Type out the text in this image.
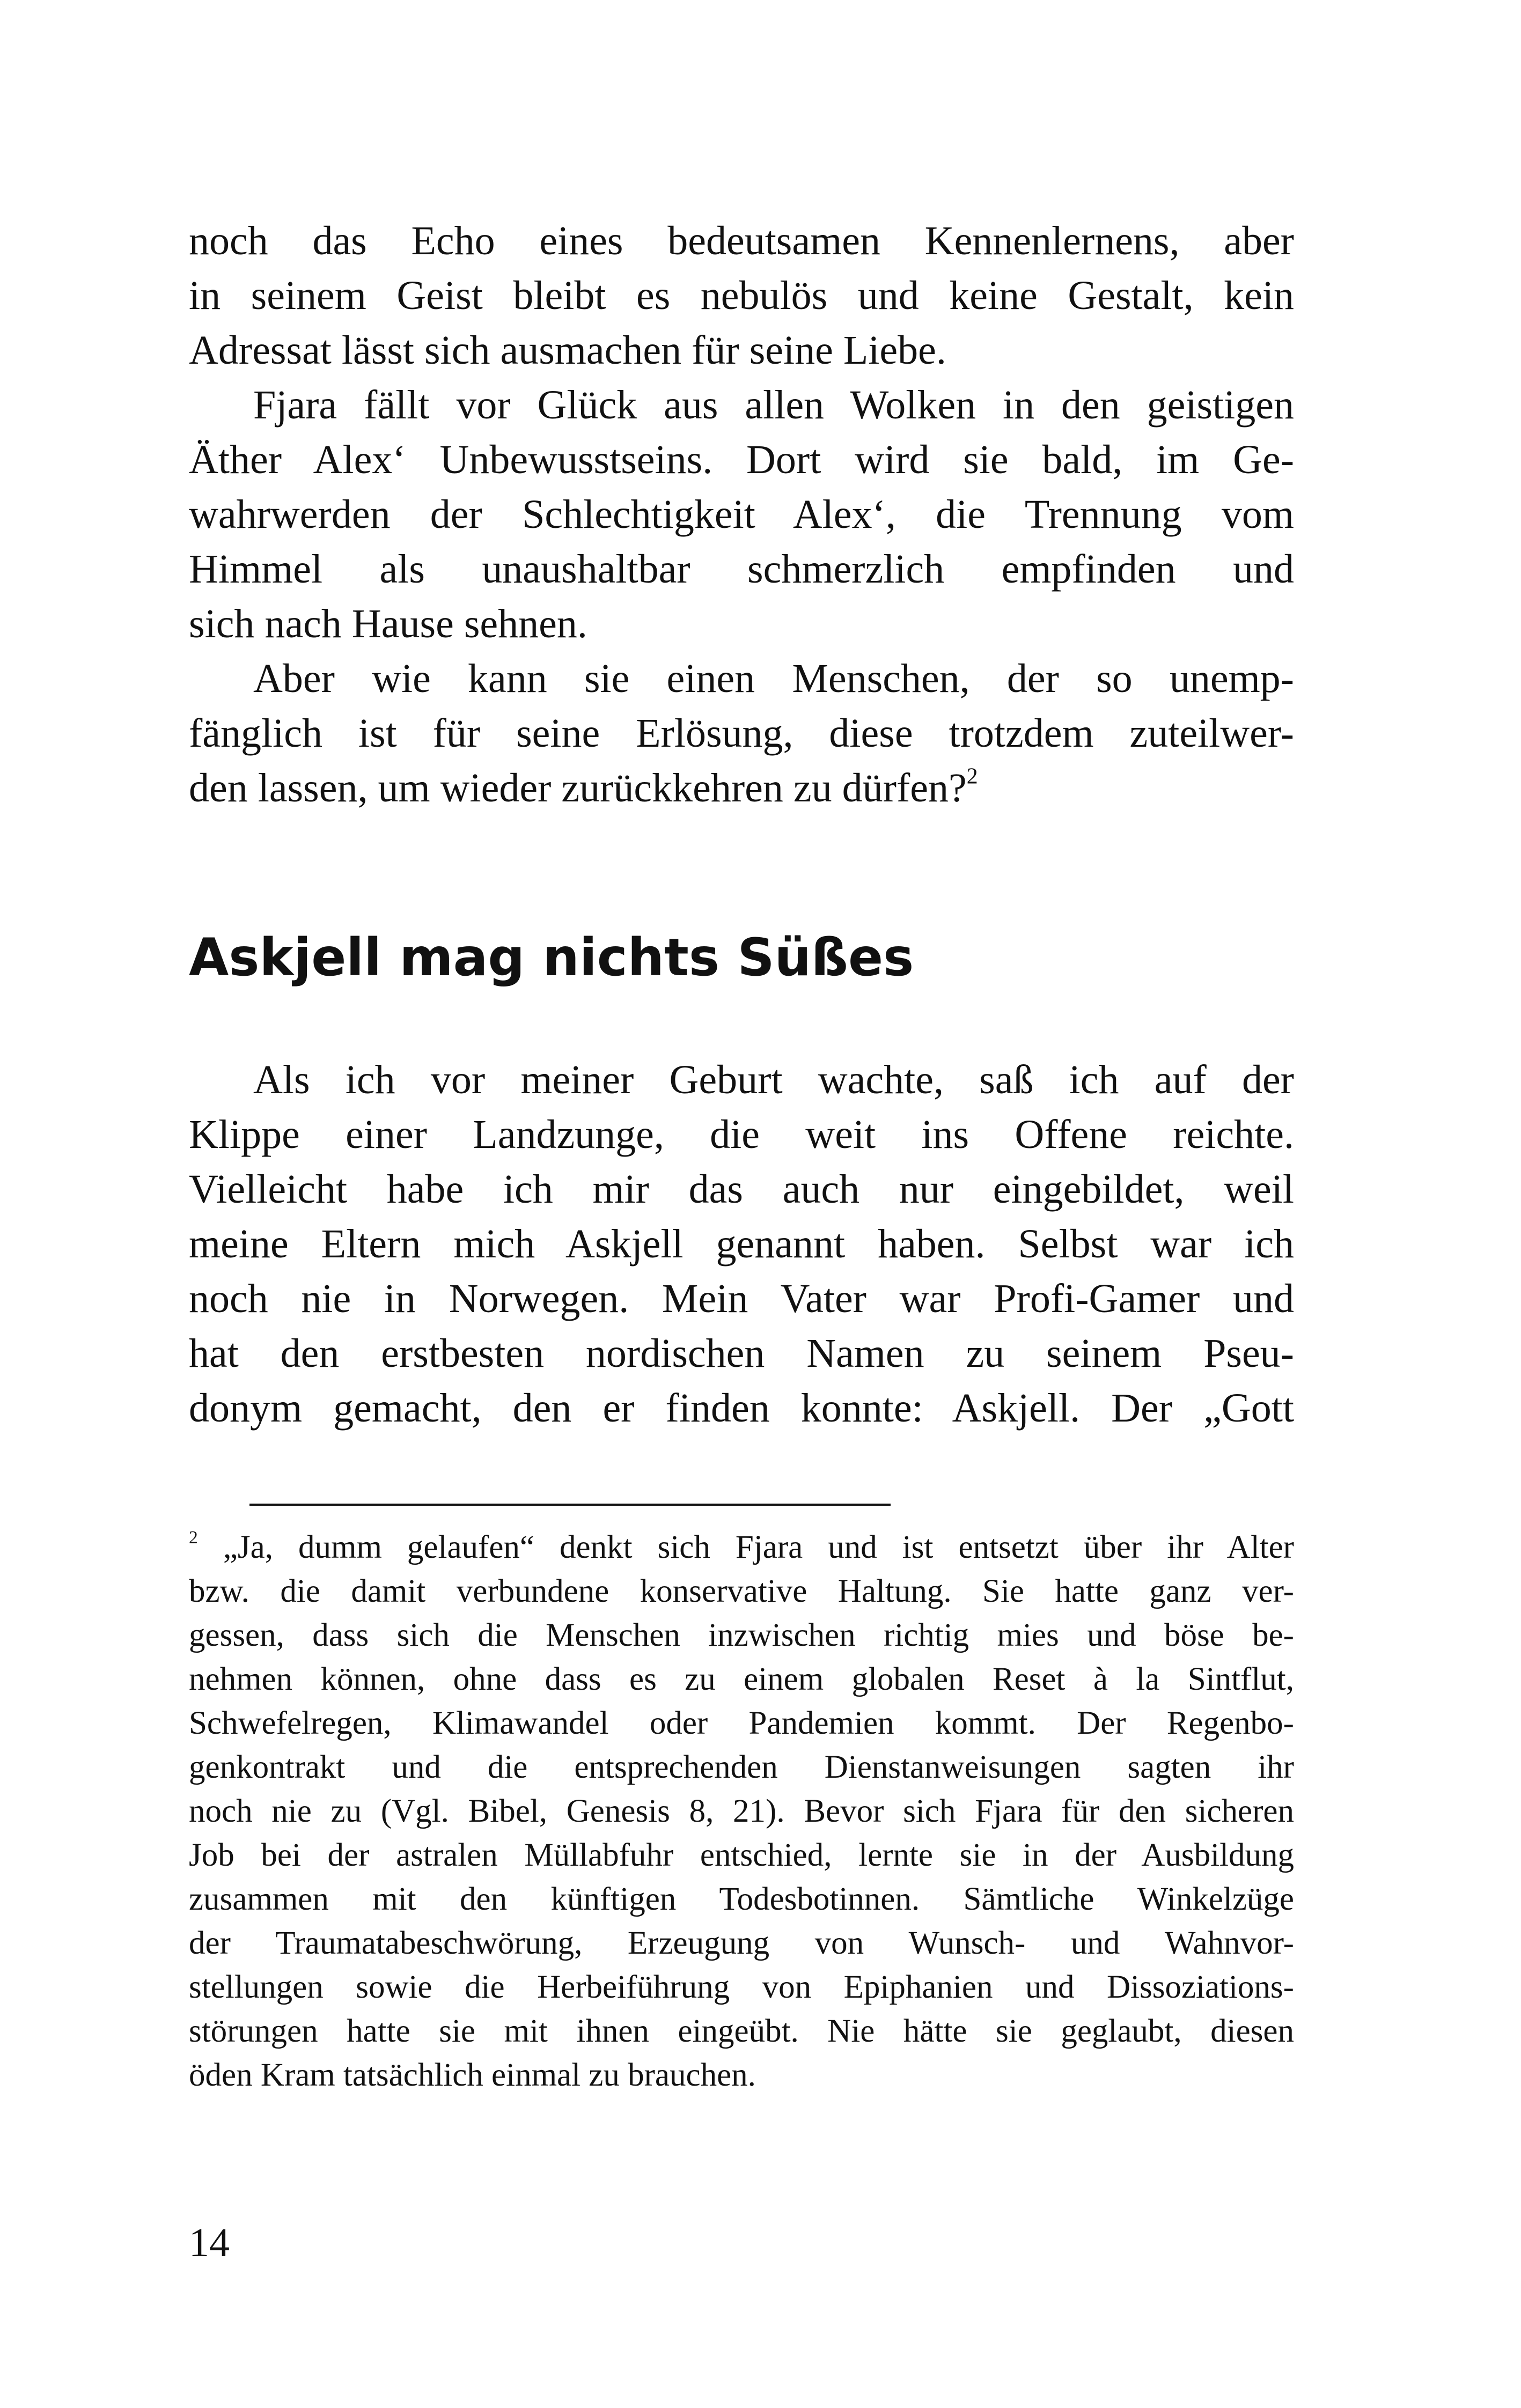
noch das Echo eines bedeutsamen Kennenlernens, aber
in seinem Geist bleibt es nebulös und keine Gestalt, kein
Adressat lässt sich ausmachen für seine Liebe.
Fjara fällt vor Glück aus allen Wolken in den geistigen
Äther Alex‘ Unbewusstseins. Dort wird sie bald, im Ge-
wahrwerden der Schlechtigkeit Alex‘, die Trennung vom
Himmel als unaushaltbar schmerzlich empfinden und
sich nach Hause sehnen.
Aber wie kann sie einen Menschen, der so unemp-
fänglich ist für seine Erlösung, diese trotzdem zuteilwer-
den lassen, um wieder zurückkehren zu dürfen?$^2$
Askjell mag nichts Süßes
Als ich vor meiner Geburt wachte, saß ich auf der
Klippe einer Landzunge, die weit ins Offene reichte.
Vielleicht habe ich mir das auch nur eingebildet, weil
meine Eltern mich Askjell genannt haben. Selbst war ich
noch nie in Norwegen. Mein Vater war Profi-Gamer und
hat den erstbesten nordischen Namen zu seinem Pseu-
donym gemacht, den er finden konnte: Askjell. Der „Gott
$^2$ „Ja, dumm gelaufen“ denkt sich Fjara und ist entsetzt über ihr Alter
bzw. die damit verbundene konservative Haltung. Sie hatte ganz ver-
gessen, dass sich die Menschen inzwischen richtig mies und böse be-
nehmen können, ohne dass es zu einem globalen Reset à la Sintflut,
Schwefelregen, Klimawandel oder Pandemien kommt. Der Regenbo-
genkontrakt und die entsprechenden Dienstanweisungen sagten ihr
noch nie zu (Vgl. Bibel, Genesis 8, 21). Bevor sich Fjara für den sicheren
Job bei der astralen Müllabfuhr entschied, lernte sie in der Ausbildung
zusammen mit den künftigen Todesbotinnen. Sämtliche Winkelzüge
der Traumatabeschwörung, Erzeugung von Wunsch- und Wahnvor-
stellungen sowie die Herbeiführung von Epiphanien und Dissoziations-
störungen hatte sie mit ihnen eingeübt. Nie hätte sie geglaubt, diesen
öden Kram tatsächlich einmal zu brauchen.
14
